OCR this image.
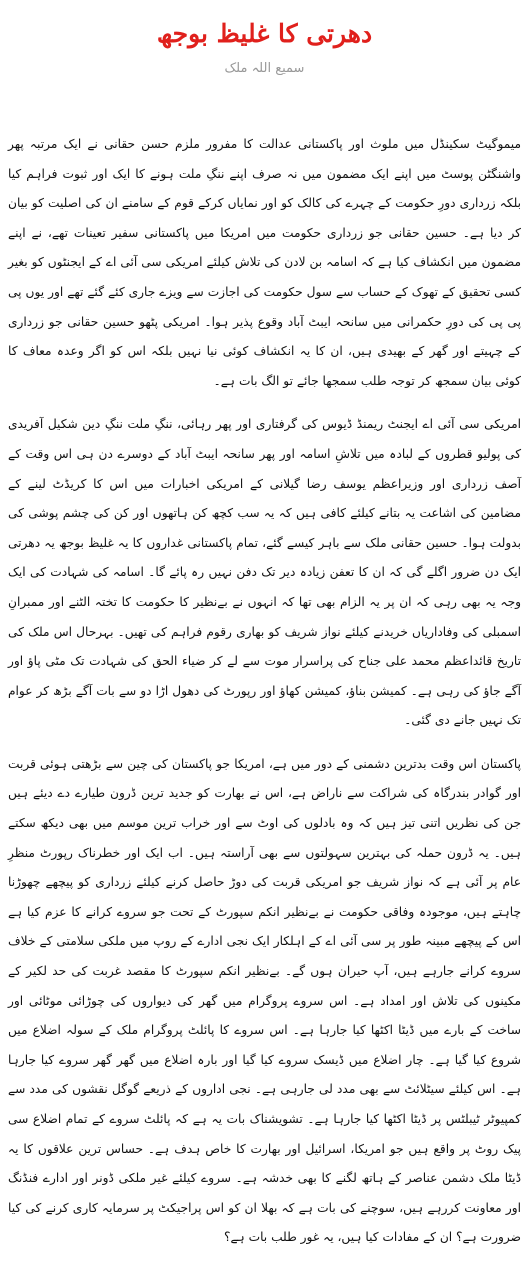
دھرتی کا غلیظ بوجھ
سمیع اللہ ملک

میموگیٹ سکینڈل میں ملوث اور پاکستانی عدالت کا مفرور ملزم حسن حقانی نے ایک مرتبہ پھر واشنگٹن پوسٹ میں اپنے ایک مضمون میں نہ صرف اپنے ننگِ ملت ہونے کا ایک اور ثبوت فراہم کیا بلکہ زرداری دورِ حکومت کے چہرے کی کالک کو اور نمایاں کرکے قوم کے سامنے ان کی اصلیت کو بیان کر دیا ہے۔ حسین حقانی جو زرداری حکومت میں امریکا میں پاکستانی سفیر تعینات تھے، نے اپنے مضمون میں انکشاف کیا ہے کہ اسامہ بن لادن کی تلاش کیلئے امریکی سی آئی اے کے ایجنٹوں کو بغیر کسی تحقیق کے تھوک کے حساب سے سول حکومت کی اجازت سے ویزے جاری کئے گئے تھے اور یوں پی پی پی کی دورِ حکمرانی میں سانحہ ایبٹ آباد وقوع پذیر ہوا۔ امریکی پٹھو حسین حقانی جو زرداری کے چہیتے اور گھر کے بھیدی ہیں، ان کا یہ انکشاف کوئی نیا نہیں بلکہ اس کو اگر وعدہ معاف کا کوئی بیان سمجھ کر توجہ طلب سمجھا جائے تو الگ بات ہے۔

امریکی سی آئی اے ایجنٹ ریمنڈ ڈیوس کی گرفتاری اور پھر رہائی، ننگِ ملت ننگِ دین شکیل آفریدی کی پولیو قطروں کے لبادہ میں تلاشِ اسامہ اور پھر سانحہ ایبٹ آباد کے دوسرے دن ہی اس وقت کے آصف زرداری اور وزیراعظم یوسف رضا گیلانی کے امریکی اخبارات میں اس کا کریڈٹ لینے کے مضامین کی اشاعت یہ بتانے کیلئے کافی ہیں کہ یہ سب کچھ کن ہاتھوں اور کن کی چشم پوشی کی بدولت ہوا۔ حسین حقانی ملک سے باہر کیسے گئے، تمام پاکستانی غداروں کا یہ غلیظ بوجھ یہ دھرتی ایک دن ضرور اگلے گی کہ ان کا تعفن زیادہ دیر تک دفن نہیں رہ پائے گا۔ اسامہ کی شہادت کی ایک وجہ یہ بھی رہی کہ ان پر یہ الزام بھی تھا کہ انہوں نے بےنظیر کا حکومت کا تختہ الٹنے اور ممبرانِ اسمبلی کی وفاداریاں خریدنے کیلئے نواز شریف کو بھاری رقوم فراہم کی تھیں۔ بہرحال اس ملک کی تاریخ قائداعظم محمد علی جناح کی پراسرار موت سے لے کر ضیاء الحق کی شہادت تک مٹی پاؤ اور آگے جاؤ کی رہی ہے۔ کمیشن بناؤ، کمیشن کھاؤ اور رپورٹ کی دھول اڑا دو سے بات آگے بڑھ کر عوام تک نہیں جانے دی گئی۔

پاکستان اس وقت بدترین دشمنی کے دور میں ہے، امریکا جو پاکستان کی چین سے بڑھتی ہوئی قربت اور گوادر بندرگاہ کی شراکت سے ناراض ہے، اس نے بھارت کو جدید ترین ڈرون طیارے دے دیئے ہیں جن کی نظریں اتنی تیز ہیں کہ وہ بادلوں کی اوٹ سے اور خراب ترین موسم میں بھی دیکھ سکتے ہیں۔ یہ ڈرون حملہ کی بہترین سہولتوں سے بھی آراستہ ہیں۔ اب ایک اور خطرناک رپورٹ منظرِ عام پر آئی ہے کہ نواز شریف جو امریکی قربت کی دوڑ حاصل کرنے کیلئے زرداری کو پیچھے چھوڑنا چاہتے ہیں، موجودہ وفاقی حکومت نے بےنظیر انکم سپورٹ کے تحت جو سروے کرانے کا عزم کیا ہے اس کے پیچھے مبینہ طور پر سی آئی اے کے اہلکار ایک نجی ادارے کے روپ میں ملکی سلامتی کے خلاف سروے کرانے جارہے ہیں، آپ حیران ہوں گے۔ بےنظیر انکم سپورٹ کا مقصد غربت کی حد لکیر کے مکینوں کی تلاش اور امداد ہے۔ اس سروے پروگرام میں گھر کی دیواروں کی چوڑائی موٹائی اور ساخت کے بارے میں ڈیٹا اکٹھا کیا جارہا ہے۔ اس سروے کا پائلٹ پروگرام ملک کے سولہ اضلاع میں شروع کیا گیا ہے۔ چار اضلاع میں ڈیسک سروے کیا گیا اور بارہ اضلاع میں گھر گھر سروے کیا جارہا ہے۔ اس کیلئے سیٹلائٹ سے بھی مدد لی جارہی ہے۔ نجی اداروں کے ذریعے گوگل نقشوں کی مدد سے کمپیوٹر ٹیبلٹس پر ڈیٹا اکٹھا کیا جارہا ہے۔ تشویشناک بات یہ ہے کہ پائلٹ سروے کے تمام اضلاع سی پیک روٹ پر واقع ہیں جو امریکا، اسرائیل اور بھارت کا خاص ہدف ہے۔ حساس ترین علاقوں کا یہ ڈیٹا ملک دشمن عناصر کے ہاتھ لگنے کا بھی خدشہ ہے۔ سروے کیلئے غیر ملکی ڈونر اور ادارے فنڈنگ اور معاونت کررہے ہیں، سوچنے کی بات ہے کہ بھلا ان کو اس پراجیکٹ پر سرمایہ کاری کرنے کی کیا ضرورت ہے؟ ان کے مفادات کیا ہیں، یہ غور طلب بات ہے؟
